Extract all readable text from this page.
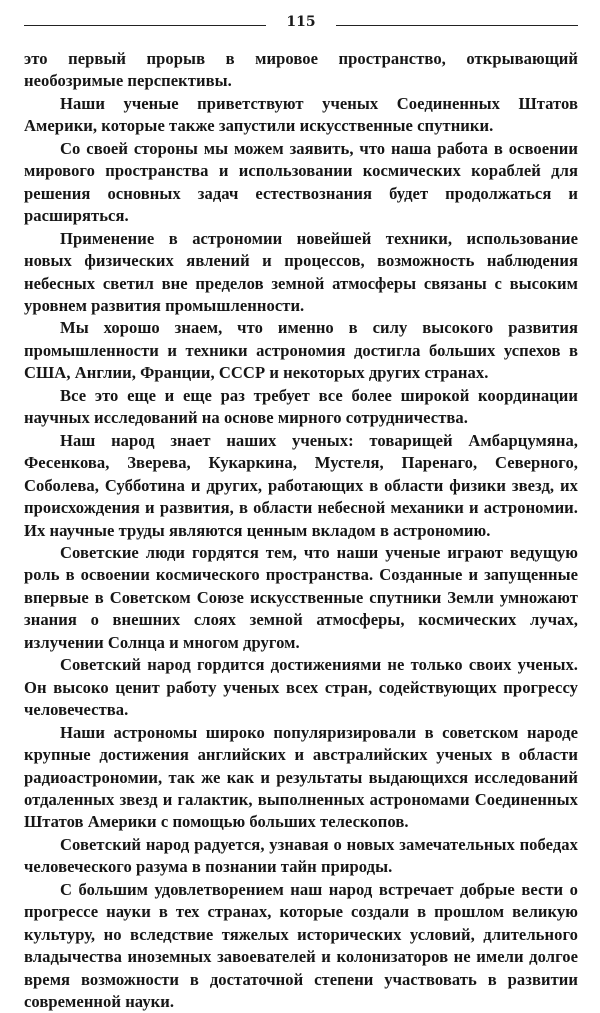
115

это первый прорыв в мировое пространство, открывающий необозримые перспективы.

Наши ученые приветствуют ученых Соединенных Штатов Америки, которые также запустили искусственные спутники.

Со своей стороны мы можем заявить, что наша работа в освоении мирового пространства и использовании космических кораблей для решения основных задач естествознания будет продолжаться и расширяться.

Применение в астрономии новейшей техники, использование новых физических явлений и процессов, возможность наблюдения небесных светил вне пределов земной атмосферы связаны с высоким уровнем развития промышленности.

Мы хорошо знаем, что именно в силу высокого развития промышленности и техники астрономия достигла больших успехов в США, Англии, Франции, СССР и некоторых других странах.

Все это еще и еще раз требует все более широкой координации научных исследований на основе мирного сотрудничества.

Наш народ знает наших ученых: товарищей Амбарцумяна, Фесенкова, Зверева, Кукаркина, Мустеля, Паренаго, Северного, Соболева, Субботина и других, работающих в области физики звезд, их происхождения и развития, в области небесной механики и астрономии. Их научные труды являются ценным вкладом в астрономию.

Советские люди гордятся тем, что наши ученые играют ведущую роль в освоении космического пространства. Созданные и запущенные впервые в Советском Союзе искусственные спутники Земли умножают знания о внешних слоях земной атмосферы, космических лучах, излучении Солнца и многом другом.

Советский народ гордится достижениями не только своих ученых. Он высоко ценит работу ученых всех стран, содействующих прогрессу человечества.

Наши астрономы широко популяризировали в советском народе крупные достижения английских и австралийских ученых в области радиоастрономии, так же как и результаты выдающихся исследований отдаленных звезд и галактик, выполненных астрономами Соединенных Штатов Америки с помощью больших телескопов.

Советский народ радуется, узнавая о новых замечательных победах человеческого разума в познании тайн природы.

С большим удовлетворением наш народ встречает добрые вести о прогрессе науки в тех странах, которые создали в прошлом великую культуру, но вследствие тяжелых исторических условий, длительного владычества иноземных завоевателей и колонизаторов не имели долгое время возможности в достаточной степени участвовать в развитии современной науки.
